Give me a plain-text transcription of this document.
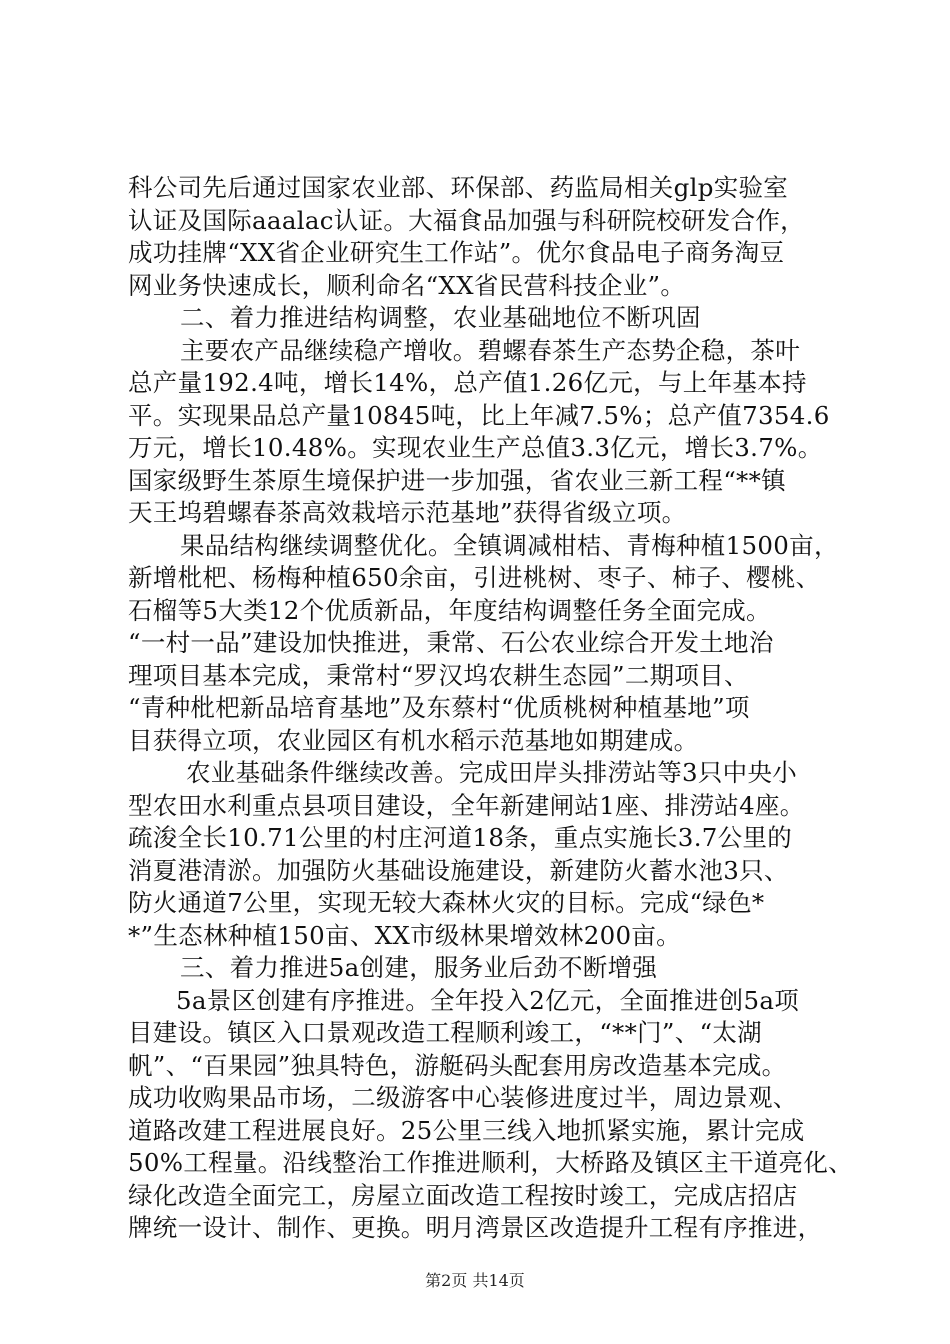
科公司先后通过国家农业部、环保部、药监局相关glp实验室
认证及国际aaalac认证。大福食品加强与科研院校研发合作，
成功挂牌“XX省企业研究生工作站”。优尔食品电子商务淘豆
网业务快速成长，顺利命名“XX省民营科技企业”。
二、着力推进结构调整，农业基础地位不断巩固
主要农产品继续稳产增收。碧螺春茶生产态势企稳，茶叶
总产量192.4吨，增长14%，总产值1.26亿元，与上年基本持
平。实现果品总产量10845吨，比上年减7.5%；总产值7354.6
万元，增长10.48%。实现农业生产总值3.3亿元，增长3.7%。
国家级野生茶原生境保护进一步加强，省农业三新工程“**镇
天王坞碧螺春茶高效栽培示范基地”获得省级立项。
果品结构继续调整优化。全镇调减柑桔、青梅种植1500亩，
新增枇杷、杨梅种植650余亩，引进桃树、枣子、柿子、樱桃、
石榴等5大类12个优质新品，年度结构调整任务全面完成。
“一村一品”建设加快推进，秉常、石公农业综合开发土地治
理项目基本完成，秉常村“罗汉坞农耕生态园”二期项目、
“青种枇杷新品培育基地”及东蔡村“优质桃树种植基地”项
目获得立项，农业园区有机水稻示范基地如期建成。
农业基础条件继续改善。完成田岸头排涝站等3只中央小
型农田水利重点县项目建设，全年新建闸站1座、排涝站4座。
疏浚全长10.71公里的村庄河道18条，重点实施长3.7公里的
消夏港清淤。加强防火基础设施建设，新建防火蓄水池3只、
防火通道7公里，实现无较大森林火灾的目标。完成“绿色*
*”生态林种植150亩、XX市级林果增效林200亩。
三、着力推进5a创建，服务业后劲不断增强
5a景区创建有序推进。全年投入2亿元，全面推进创5a项
目建设。镇区入口景观改造工程顺利竣工，“**门”、“太湖
帆”、“百果园”独具特色，游艇码头配套用房改造基本完成。
成功收购果品市场，二级游客中心装修进度过半，周边景观、
道路改建工程进展良好。25公里三线入地抓紧实施，累计完成
50%工程量。沿线整治工作推进顺利，大桥路及镇区主干道亮化、
绿化改造全面完工，房屋立面改造工程按时竣工，完成店招店
牌统一设计、制作、更换。明月湾景区改造提升工程有序推进，
第2页 共14页
